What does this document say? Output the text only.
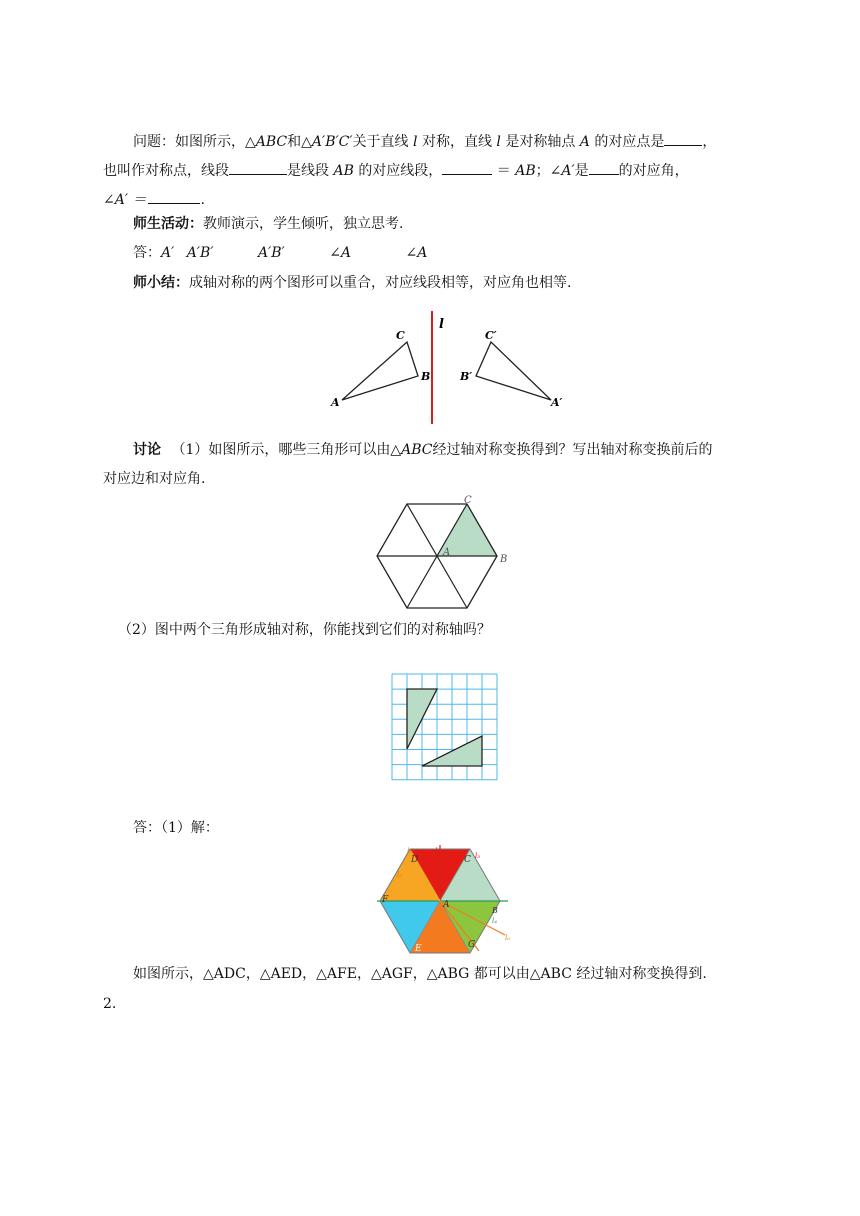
问题：如图所示，△ABC和△A′B′C′关于直线 l 对称，直线 l 是对称轴点 A 的对应点是	，
也叫作对称点，线段	是线段 AB 的对应线段，	＝ AB；∠A′是 的对应角，
∠A′ ＝	.
师生活动：教师演示，学生倾听，独立思考.
答：A′ A′B′	A′B′	∠A	∠A
师小结：成轴对称的两个图形可以重合，对应线段相等，对应角也相等.
l
A
B
C
A′
B′
C′
讨论 （1）如图所示，哪些三角形可以由△ABC经过轴对称变换得到？写出轴对称变换前后的
对应边和对应角.
C
B
A
（2）图中两个三角形成轴对称，你能找到它们的对称轴吗？
答：（1）解：
D	C
F	A
B
E	G
l₁
l₂
l₃
l₄
l₅
l₆
如图所示，△ADC，△AED，△AFE，△AGF，△ABG 都可以由△ABC 经过轴对称变换得到.
2.
